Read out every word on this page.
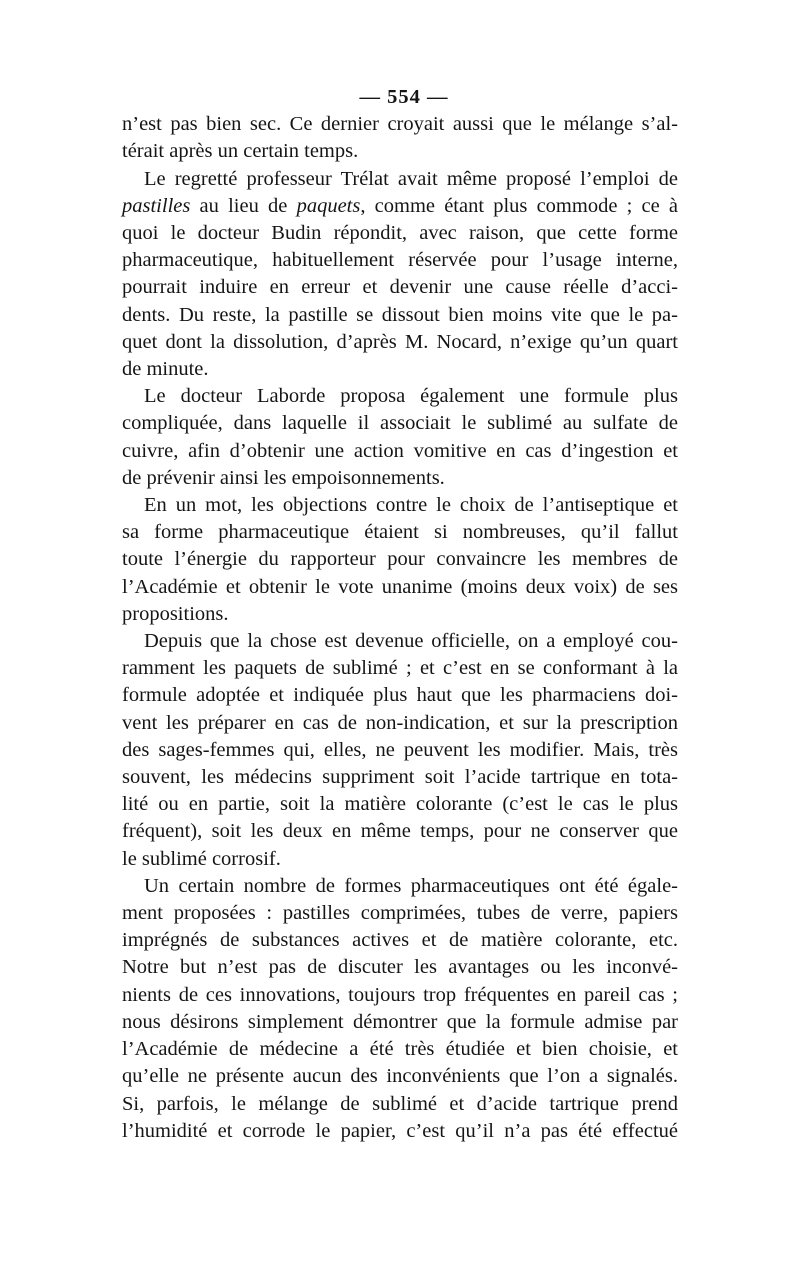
— 554 —
n’est pas bien sec. Ce dernier croyait aussi que le mélange s’al-
térait après un certain temps.
Le regretté professeur Trélat avait même proposé l’emploi de
pastilles au lieu de paquets, comme étant plus commode ; ce à
quoi le docteur Budin répondit, avec raison, que cette forme
pharmaceutique, habituellement réservée pour l’usage interne,
pourrait induire en erreur et devenir une cause réelle d’acci-
dents. Du reste, la pastille se dissout bien moins vite que le pa-
quet dont la dissolution, d’après M. Nocard, n’exige qu’un quart
de minute.
Le docteur Laborde proposa également une formule plus
compliquée, dans laquelle il associait le sublimé au sulfate de
cuivre, afin d’obtenir une action vomitive en cas d’ingestion et
de prévenir ainsi les empoisonnements.
En un mot, les objections contre le choix de l’antiseptique et
sa forme pharmaceutique étaient si nombreuses, qu’il fallut
toute l’énergie du rapporteur pour convaincre les membres de
l’Académie et obtenir le vote unanime (moins deux voix) de ses
propositions.
Depuis que la chose est devenue officielle, on a employé cou-
ramment les paquets de sublimé ; et c’est en se conformant à la
formule adoptée et indiquée plus haut que les pharmaciens doi-
vent les préparer en cas de non-indication, et sur la prescription
des sages-femmes qui, elles, ne peuvent les modifier. Mais, très
souvent, les médecins suppriment soit l’acide tartrique en tota-
lité ou en partie, soit la matière colorante (c’est le cas le plus
fréquent), soit les deux en même temps, pour ne conserver que
le sublimé corrosif.
Un certain nombre de formes pharmaceutiques ont été égale-
ment proposées : pastilles comprimées, tubes de verre, papiers
imprégnés de substances actives et de matière colorante, etc.
Notre but n’est pas de discuter les avantages ou les inconvé-
nients de ces innovations, toujours trop fréquentes en pareil cas ;
nous désirons simplement démontrer que la formule admise par
l’Académie de médecine a été très étudiée et bien choisie, et
qu’elle ne présente aucun des inconvénients que l’on a signalés.
Si, parfois, le mélange de sublimé et d’acide tartrique prend
l’humidité et corrode le papier, c’est qu’il n’a pas été effectué
